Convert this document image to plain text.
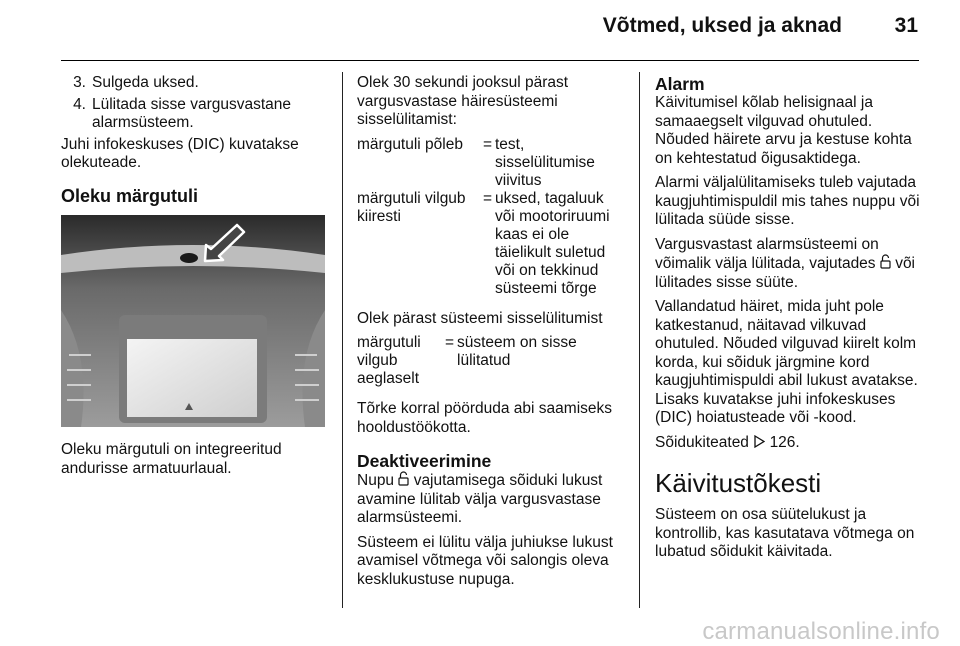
Võtmed, uksed ja aknad	31
3. Sulgeda uksed.
4. Lülitada sisse vargusvastane alarmsüsteem.

Juhi infokeskuses (DIC) kuvatakse olekuteade.

Oleku märgutuli

Oleku märgutuli on integreeritud andurisse armatuurlaual.

Olek 30 sekundi jooksul pärast vargusvastase häiresüsteemi sisselülitamist:

märgutuli põleb	= test, sisselülitumise viivitus
märgutuli vilgub kiiresti
= uksed, tagaluuk või mootoriruumi kaas ei ole täielikult suletud või on tekkinud süsteemi tõrge

Olek pärast süsteemi sisselülitumist

märgutuli vilgub aeglaselt
= süsteem on sisse lülitatud

Tõrke korral pöörduda abi saamiseks hooldustöökotta.

Deaktiveerimine

Nupu vajutamisega sõiduki lukust avamine lülitab välja vargusvastase alarmsüsteemi.

Süsteem ei lülitu välja juhiukse lukust avamisel võtmega või salongis oleva kesklukustuse nupuga.

Alarm

Käivitumisel kõlab helisignaal ja samaaegselt vilguvad ohutuled. Nõuded häirete arvu ja kestuse kohta on kehtestatud õigusaktidega.

Alarmi väljalülitamiseks tuleb vajutada kaugjuhtimispuldil mis tahes nuppu või lülitada süüde sisse.

Vargusvastast alarmsüsteemi on võimalik välja lülitada, vajutades või lülitades sisse süüte.

Vallandatud häiret, mida juht pole katkestanud, näitavad vilkuvad ohutuled. Nõuded vilguvad kiirelt kolm korda, kui sõiduk järgmine kord kaugjuhtimispuldi abil lukust avatakse. Lisaks kuvatakse juhi infokeskuses (DIC) hoiatusteade või -kood.

Sõidukiteated 126.

Käivitustõkesti

Süsteem on osa süütelukust ja kontrollib, kas kasutatava võtmega on lubatud sõidukit käivitada.

carmanualsonline.info
